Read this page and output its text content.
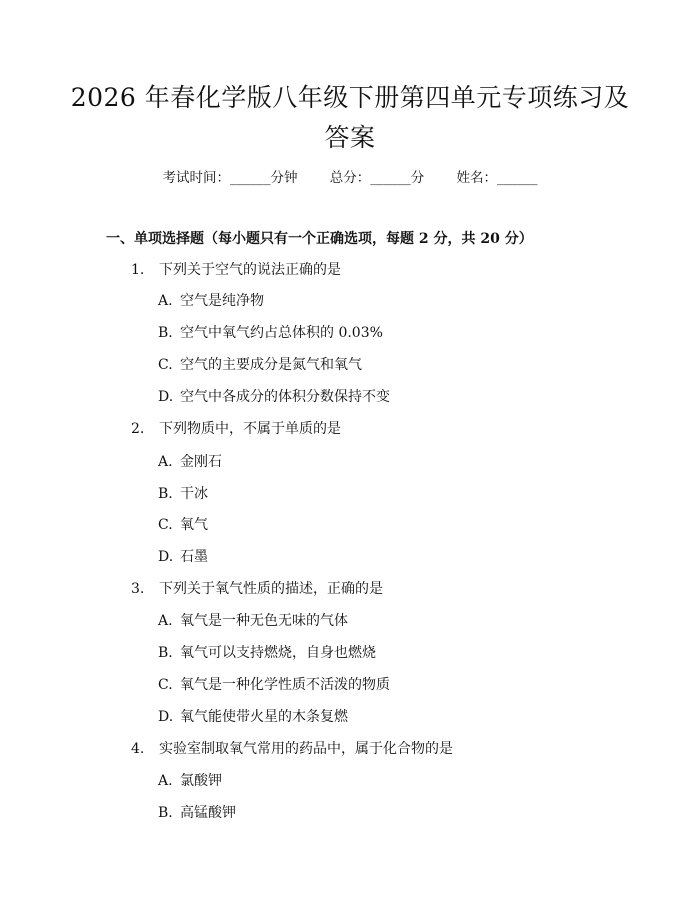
2026 年春化学版八年级下册第四单元专项练习及答案
考试时间：______分钟 总分：______分 姓名：______
一、单项选择题（每小题只有一个正确选项，每题 2 分，共 20 分）
1. 下列关于空气的说法正确的是
A. 空气是纯净物
B. 空气中氧气约占总体积的 0.03%
C. 空气的主要成分是氮气和氧气
D. 空气中各成分的体积分数保持不变
2. 下列物质中，不属于单质的是
A. 金刚石
B. 干冰
C. 氧气
D. 石墨
3. 下列关于氧气性质的描述，正确的是
A. 氧气是一种无色无味的气体
B. 氧气可以支持燃烧，自身也燃烧
C. 氧气是一种化学性质不活泼的物质
D. 氧气能使带火星的木条复燃
4. 实验室制取氧气常用的药品中，属于化合物的是
A. 氯酸钾
B. 高锰酸钾
